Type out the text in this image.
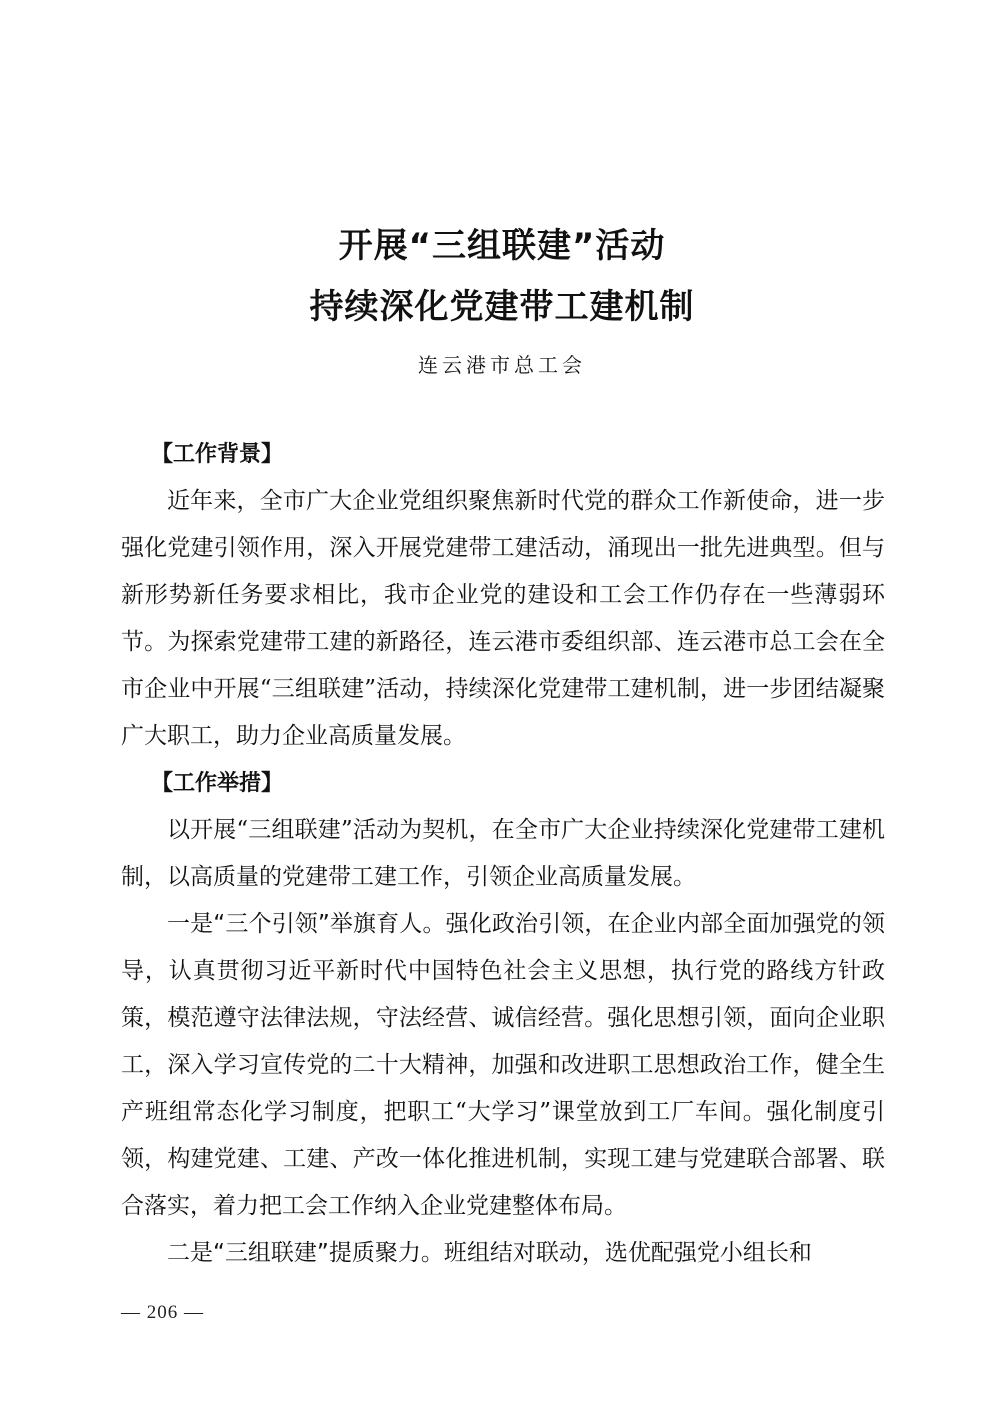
开展“三组联建”活动
持续深化党建带工建机制
连云港市总工会
【工作背景】

近年来，全市广大企业党组织聚焦新时代党的群众工作新使命，进一步强化党建引领作用，深入开展党建带工建活动，涌现出一批先进典型。但与新形势新任务要求相比，我市企业党的建设和工会工作仍存在一些薄弱环节。为探索党建带工建的新路径，连云港市委组织部、连云港市总工会在全市企业中开展“三组联建”活动，持续深化党建带工建机制，进一步团结凝聚广大职工，助力企业高质量发展。

【工作举措】

以开展“三组联建”活动为契机，在全市广大企业持续深化党建带工建机制，以高质量的党建带工建工作，引领企业高质量发展。

一是“三个引领”举旗育人。强化政治引领，在企业内部全面加强党的领导，认真贯彻习近平新时代中国特色社会主义思想，执行党的路线方针政策，模范遵守法律法规，守法经营、诚信经营。强化思想引领，面向企业职工，深入学习宣传党的二十大精神，加强和改进职工思想政治工作，健全生产班组常态化学习制度，把职工“大学习”课堂放到工厂车间。强化制度引领，构建党建、工建、产改一体化推进机制，实现工建与党建联合部署、联合落实，着力把工会工作纳入企业党建整体布局。

二是“三组联建”提质聚力。班组结对联动，选优配强党小组长和

— 206 —
